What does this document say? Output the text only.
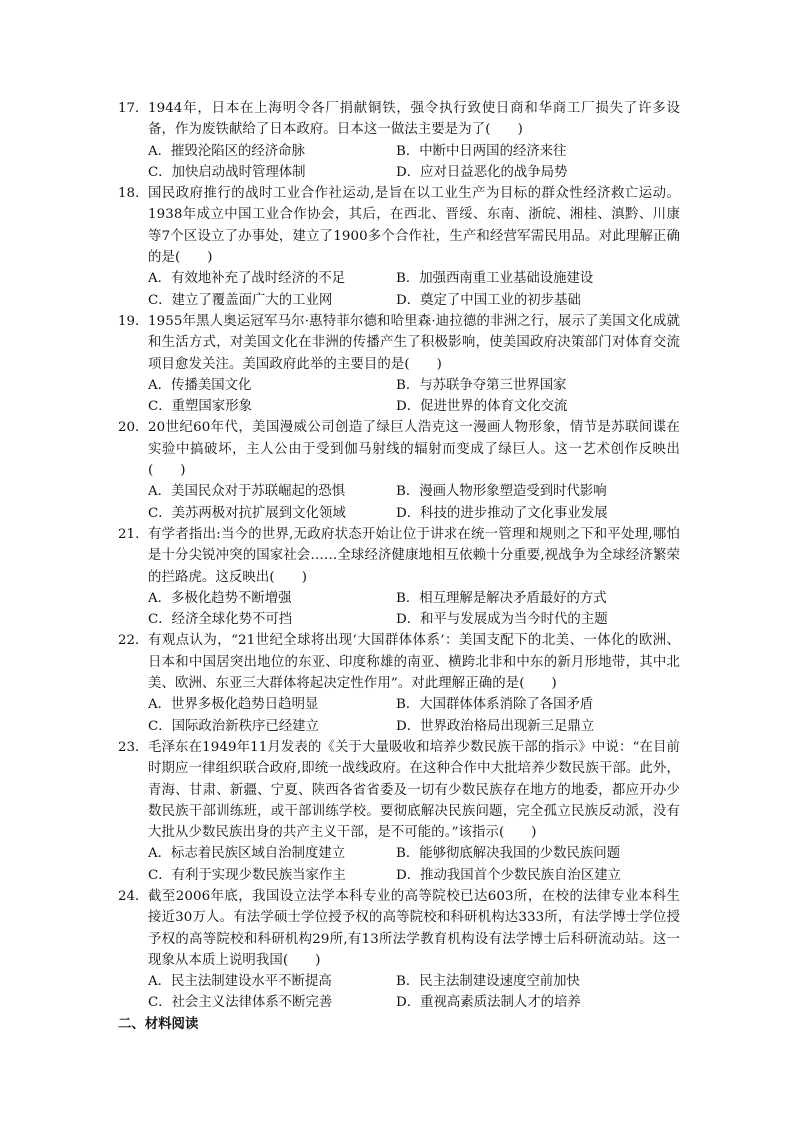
17． 1944年，日本在上海明令各厂捐献铜铁，强令执行致使日商和华商工厂损失了许多设备，作为废铁献给了日本政府。日本这一做法主要是为了(　　)
A．摧毁沦陷区的经济命脉	B．中断中日两国的经济来往
C．加快启动战时管理体制	D．应对日益恶化的战争局势
18. 国民政府推行的战时工业合作社运动,是旨在以工业生产为目标的群众性经济救亡运动。1938年成立中国工业合作协会，其后，在西北、晋绥、东南、浙皖、湘桂、滇黔、川康等7个区设立了办事处，建立了1900多个合作社，生产和经营军需民用品。对此理解正确的是(　　)
A．有效地补充了战时经济的不足	B．加强西南重工业基础设施建设
C．建立了覆盖面广大的工业网	D．奠定了中国工业的初步基础
19． 1955年黑人奥运冠军马尔·惠特菲尔德和哈里森·迪拉德的非洲之行，展示了美国文化成就和生活方式，对美国文化在非洲的传播产生了积极影响，使美国政府决策部门对体育交流项目愈发关注。美国政府此举的主要目的是(　　)
A．传播美国文化	B．与苏联争夺第三世界国家
C．重塑国家形象	D．促进世界的体育文化交流
20． 20世纪60年代，美国漫威公司创造了绿巨人浩克这一漫画人物形象，情节是苏联间谍在实验中搞破坏，主人公由于受到伽马射线的辐射而变成了绿巨人。这一艺术创作反映出(　　)
A．美国民众对于苏联崛起的恐惧	B．漫画人物形象塑造受到时代影响
C．美苏两极对抗扩展到文化领域	D．科技的进步推动了文化事业发展
21. 有学者指出:当今的世界,无政府状态开始让位于讲求在统一管理和规则之下和平处理,哪怕是十分尖锐冲突的国家社会……全球经济健康地相互依赖十分重要,视战争为全球经济繁荣的拦路虎。这反映出(　　)
A．多极化趋势不断增强	B．相互理解是解决矛盾最好的方式
C．经济全球化势不可挡	D．和平与发展成为当今时代的主题
22． 有观点认为，“21世纪全球将出现‘大国群体体系’：美国支配下的北美、一体化的欧洲、日本和中国居突出地位的东亚、印度称雄的南亚、横跨北非和中东的新月形地带，其中北美、欧洲、东亚三大群体将起决定性作用”。对此理解正确的是(　　)
A．世界多极化趋势日趋明显	B．大国群体体系消除了各国矛盾
C．国际政治新秩序已经建立	D．世界政治格局出现新三足鼎立
23． 毛泽东在1949年11月发表的《关于大量吸收和培养少数民族干部的指示》中说：“在目前时期应一律组织联合政府,即统一战线政府。在这种合作中大批培养少数民族干部。此外，青海、甘肃、新疆、宁夏、陕西各省省委及一切有少数民族存在地方的地委，都应开办少数民族干部训练班，或干部训练学校。要彻底解决民族问题，完全孤立民族反动派，没有大批从少数民族出身的共产主义干部，是不可能的。”该指示(　　)
A．标志着民族区域自治制度建立	B．能够彻底解决我国的少数民族问题
C．有利于实现少数民族当家作主	D．推动我国首个少数民族自治区建立
24． 截至2006年底，我国设立法学本科专业的高等院校已达603所，在校的法律专业本科生接近30万人。有法学硕士学位授予权的高等院校和科研机构达333所，有法学博士学位授予权的高等院校和科研机构29所,有13所法学教育机构设有法学博士后科研流动站。这一现象从本质上说明我国(　　)
A．民主法制建设水平不断提高	B．民主法制建设速度空前加快
C．社会主义法律体系不断完善	D．重视高素质法制人才的培养
二、材料阅读
